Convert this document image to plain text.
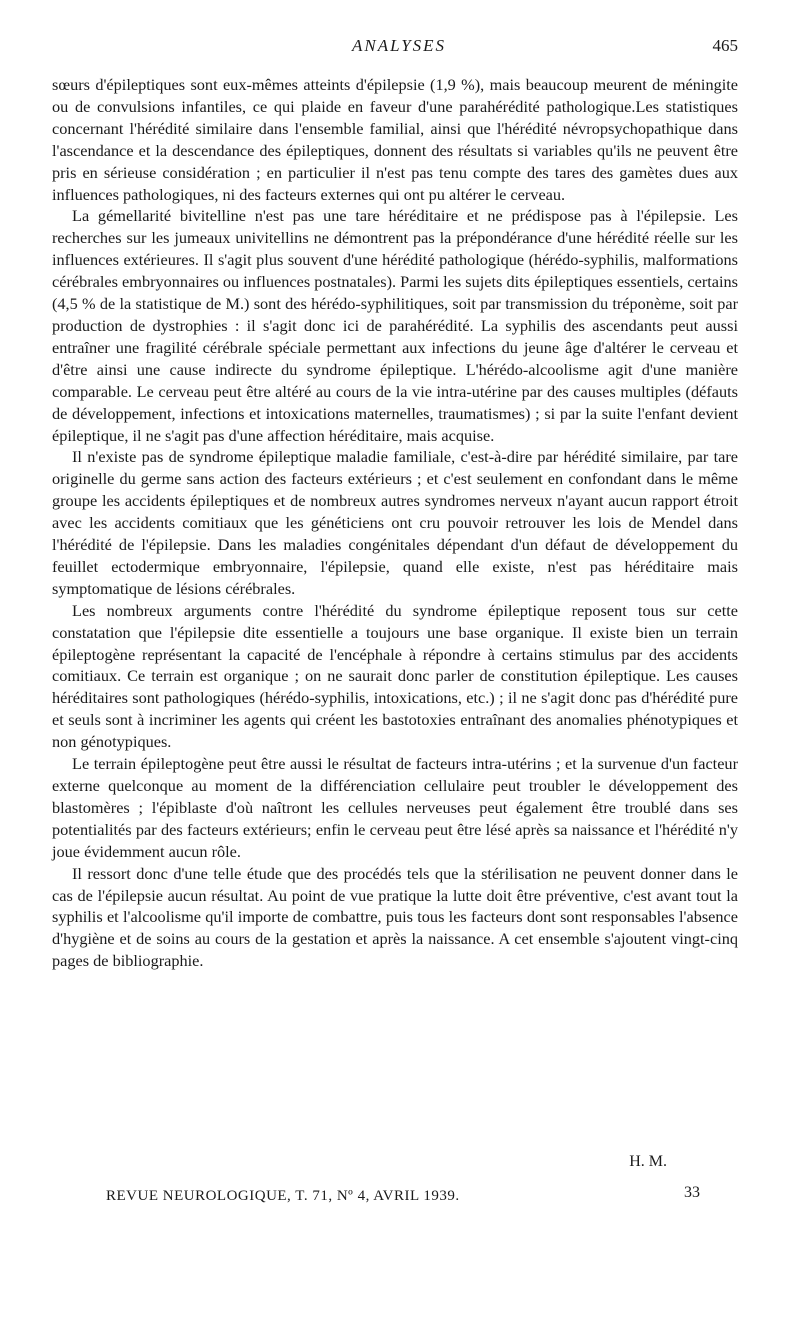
ANALYSES	465

sœurs d'épileptiques sont eux-mêmes atteints d'épilepsie (1,9 %), mais beaucoup meurent de méningite ou de convulsions infantiles, ce qui plaide en faveur d'une parahérédité pathologique.Les statistiques concernant l'hérédité similaire dans l'ensemble familial, ainsi que l'hérédité névropsychopathique dans l'ascendance et la descendance des épileptiques, donnent des résultats si variables qu'ils ne peuvent être pris en sérieuse considération ; en particulier il n'est pas tenu compte des tares des gamètes dues aux influences pathologiques, ni des facteurs externes qui ont pu altérer le cerveau.

La gémellarité bivitelline n'est pas une tare héréditaire et ne prédispose pas à l'épilepsie. Les recherches sur les jumeaux univitellins ne démontrent pas la prépondérance d'une hérédité réelle sur les influences extérieures. Il s'agit plus souvent d'une hérédité pathologique (hérédo-syphilis, malformations cérébrales embryonnaires ou influences postnatales). Parmi les sujets dits épileptiques essentiels, certains (4,5 % de la statistique de M.) sont des hérédo-syphilitiques, soit par transmission du tréponème, soit par production de dystrophies : il s'agit donc ici de parahérédité. La syphilis des ascendants peut aussi entraîner une fragilité cérébrale spéciale permettant aux infections du jeune âge d'altérer le cerveau et d'être ainsi une cause indirecte du syndrome épileptique. L'hérédo-alcoolisme agit d'une manière comparable. Le cerveau peut être altéré au cours de la vie intra-utérine par des causes multiples (défauts de développement, infections et intoxications maternelles, traumatismes) ; si par la suite l'enfant devient épileptique, il ne s'agit pas d'une affection héréditaire, mais acquise.

Il n'existe pas de syndrome épileptique maladie familiale, c'est-à-dire par hérédité similaire, par tare originelle du germe sans action des facteurs extérieurs ; et c'est seulement en confondant dans le même groupe les accidents épileptiques et de nombreux autres syndromes nerveux n'ayant aucun rapport étroit avec les accidents comitiaux que les généticiens ont cru pouvoir retrouver les lois de Mendel dans l'hérédité de l'épilepsie. Dans les maladies congénitales dépendant d'un défaut de développement du feuillet ectodermique embryonnaire, l'épilepsie, quand elle existe, n'est pas héréditaire mais symptomatique de lésions cérébrales.

Les nombreux arguments contre l'hérédité du syndrome épileptique reposent tous sur cette constatation que l'épilepsie dite essentielle a toujours une base organique. Il existe bien un terrain épileptogène représentant la capacité de l'encéphale à répondre à certains stimulus par des accidents comitiaux. Ce terrain est organique ; on ne saurait donc parler de constitution épileptique. Les causes héréditaires sont pathologiques (hérédo-syphilis, intoxications, etc.) ; il ne s'agit donc pas d'hérédité pure et seuls sont à incriminer les agents qui créent les bastotoxies entraînant des anomalies phénotypiques et non génotypiques.

Le terrain épileptogène peut être aussi le résultat de facteurs intra-utérins ; et la survenue d'un facteur externe quelconque au moment de la différenciation cellulaire peut troubler le développement des blastomères ; l'épiblaste d'où naîtront les cellules nerveuses peut également être troublé dans ses potentialités par des facteurs extérieurs; enfin le cerveau peut être lésé après sa naissance et l'hérédité n'y joue évidemment aucun rôle.

Il ressort donc d'une telle étude que des procédés tels que la stérilisation ne peuvent donner dans le cas de l'épilepsie aucun résultat. Au point de vue pratique la lutte doit être préventive, c'est avant tout la syphilis et l'alcoolisme qu'il importe de combattre, puis tous les facteurs dont sont responsables l'absence d'hygiène et de soins au cours de la gestation et après la naissance. A cet ensemble s'ajoutent vingt-cinq pages de bibliographie.

H. M.
REVUE NEUROLOGIQUE, T. 71, Nº 4, AVRIL 1939.	33
